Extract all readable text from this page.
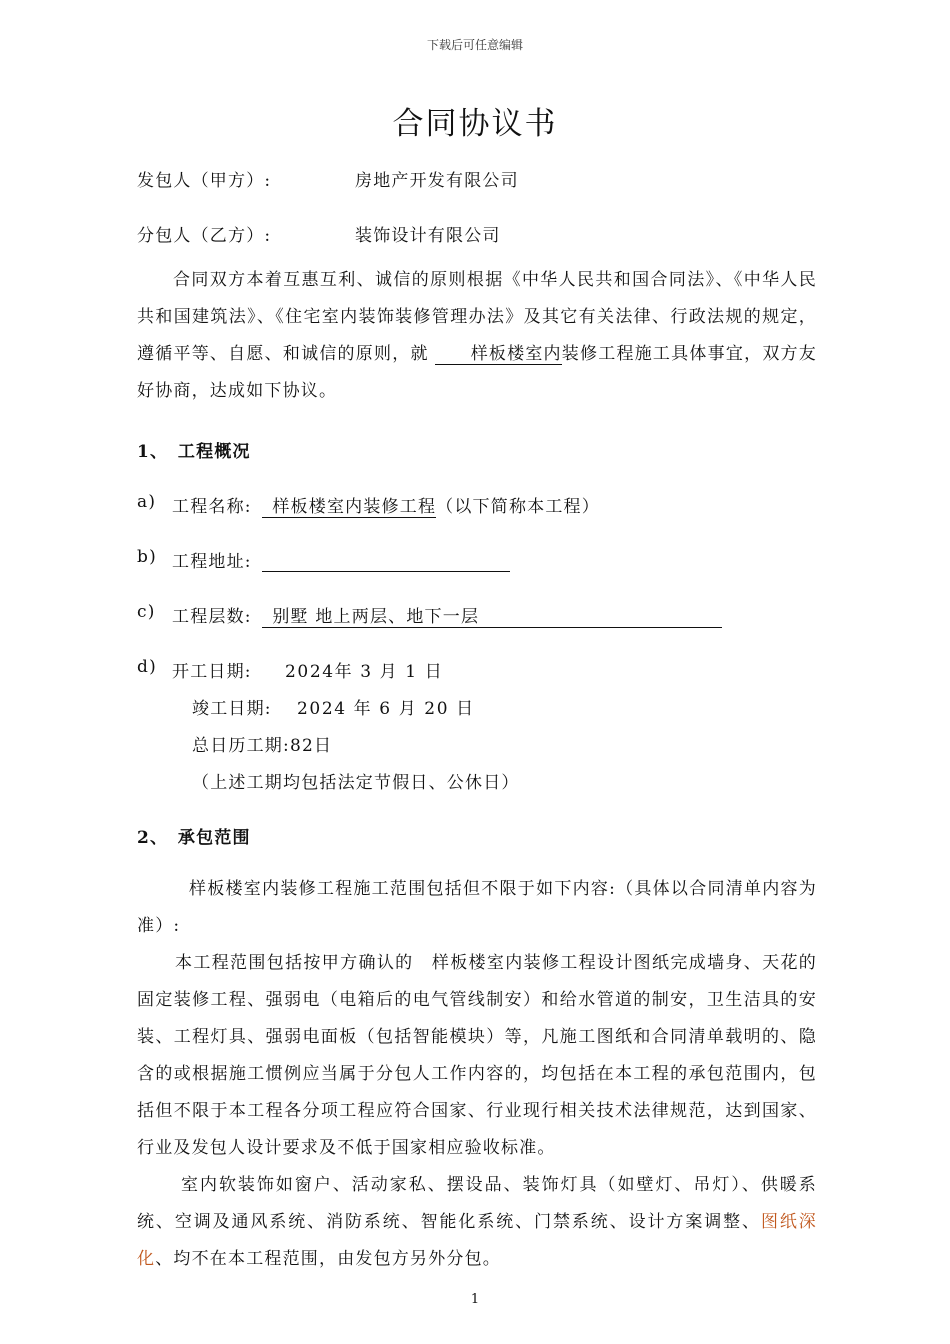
下载后可任意编辑
合同协议书
发包人（甲方）:	房地产开发有限公司
分包人（乙方）:	装饰设计有限公司
合同双方本着互惠互利、诚信的原则根据《中华人民共和国合同法》、《中华人民共和国建筑法》、《住宅室内装饰装修管理办法》及其它有关法律、行政法规的规定，遵循平等、自愿、和诚信的原则，就 样板楼室内装修工程施工具体事宜，双方友好协商，达成如下协议。
1、　工程概况
a) 工程名称: 样板楼室内装修工程（以下简称本工程）
b) 工程地址:
c) 工程层数: 别墅 地上两层、地下一层
d) 开工日期: 2024年 3 月 1 日
竣工日期: 2024 年 6 月 20 日
总日历工期:82日
（上述工期均包括法定节假日、公休日）
2、　承包范围
样板楼室内装修工程施工范围包括但不限于如下内容:（具体以合同清单内容为准）:
本工程范围包括按甲方确认的　样板楼室内装修工程设计图纸完成墙身、天花的固定装修工程、强弱电（电箱后的电气管线制安）和给水管道的制安，卫生洁具的安装、工程灯具、强弱电面板（包括智能模块）等，凡施工图纸和合同清单载明的、隐含的或根据施工惯例应当属于分包人工作内容的，均包括在本工程的承包范围内，包括但不限于本工程各分项工程应符合国家、行业现行相关技术法律规范，达到国家、行业及发包人设计要求及不低于国家相应验收标准。
室内软装饰如窗户、活动家私、摆设品、装饰灯具（如壁灯、吊灯）、供暖系统、空调及通风系统、消防系统、智能化系统、门禁系统、设计方案调整、图纸深化、均不在本工程范围，由发包方另外分包。
1
